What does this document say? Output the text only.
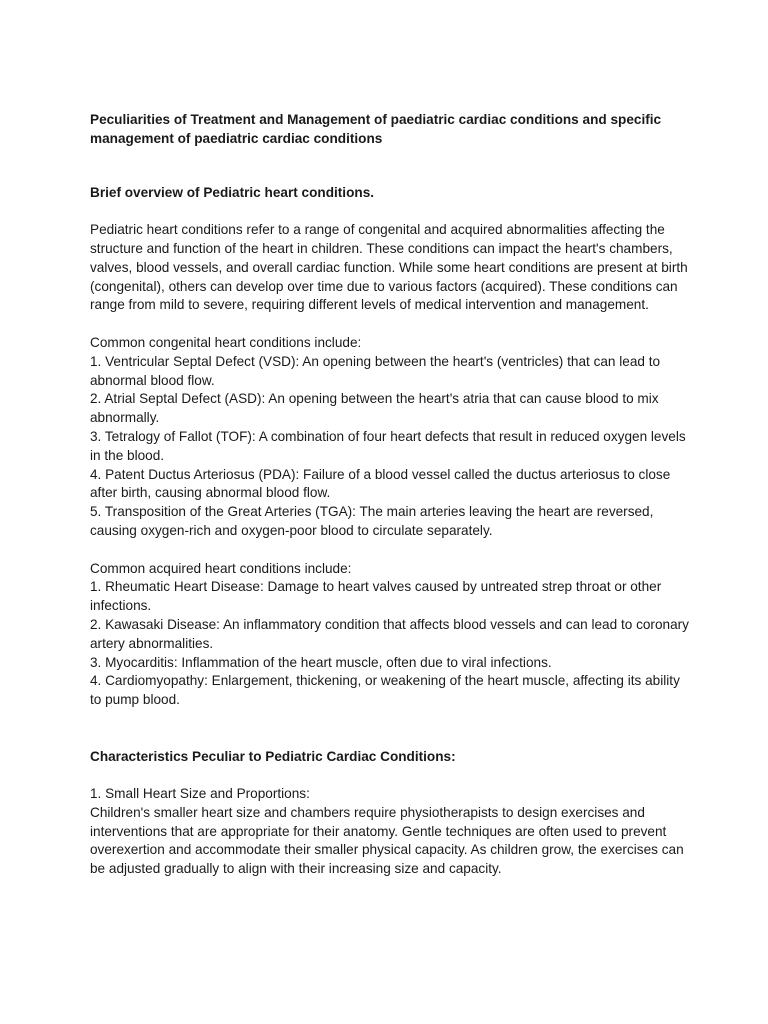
Peculiarities of Treatment and Management of paediatric cardiac conditions and specific management of paediatric cardiac conditions

Brief overview of Pediatric heart conditions.

Pediatric heart conditions refer to a range of congenital and acquired abnormalities affecting the structure and function of the heart in children. These conditions can impact the heart's chambers, valves, blood vessels, and overall cardiac function. While some heart conditions are present at birth (congenital), others can develop over time due to various factors (acquired). These conditions can range from mild to severe, requiring different levels of medical intervention and management.

Common congenital heart conditions include:

1. Ventricular Septal Defect (VSD): An opening between the heart's (ventricles) that can lead to abnormal blood flow.
2. Atrial Septal Defect (ASD): An opening between the heart's atria that can cause blood to mix abnormally.
3. Tetralogy of Fallot (TOF): A combination of four heart defects that result in reduced oxygen levels in the blood.
4. Patent Ductus Arteriosus (PDA): Failure of a blood vessel called the ductus arteriosus to close after birth, causing abnormal blood flow.
5. Transposition of the Great Arteries (TGA): The main arteries leaving the heart are reversed, causing oxygen-rich and oxygen-poor blood to circulate separately.

Common acquired heart conditions include:

1. Rheumatic Heart Disease: Damage to heart valves caused by untreated strep throat or other infections.
2. Kawasaki Disease: An inflammatory condition that affects blood vessels and can lead to coronary artery abnormalities.
3. Myocarditis: Inflammation of the heart muscle, often due to viral infections.
4. Cardiomyopathy: Enlargement, thickening, or weakening of the heart muscle, affecting its ability to pump blood.

Characteristics Peculiar to Pediatric Cardiac Conditions:

1. Small Heart Size and Proportions:

Children's smaller heart size and chambers require physiotherapists to design exercises and interventions that are appropriate for their anatomy. Gentle techniques are often used to prevent overexertion and accommodate their smaller physical capacity. As children grow, the exercises can be adjusted gradually to align with their increasing size and capacity.
